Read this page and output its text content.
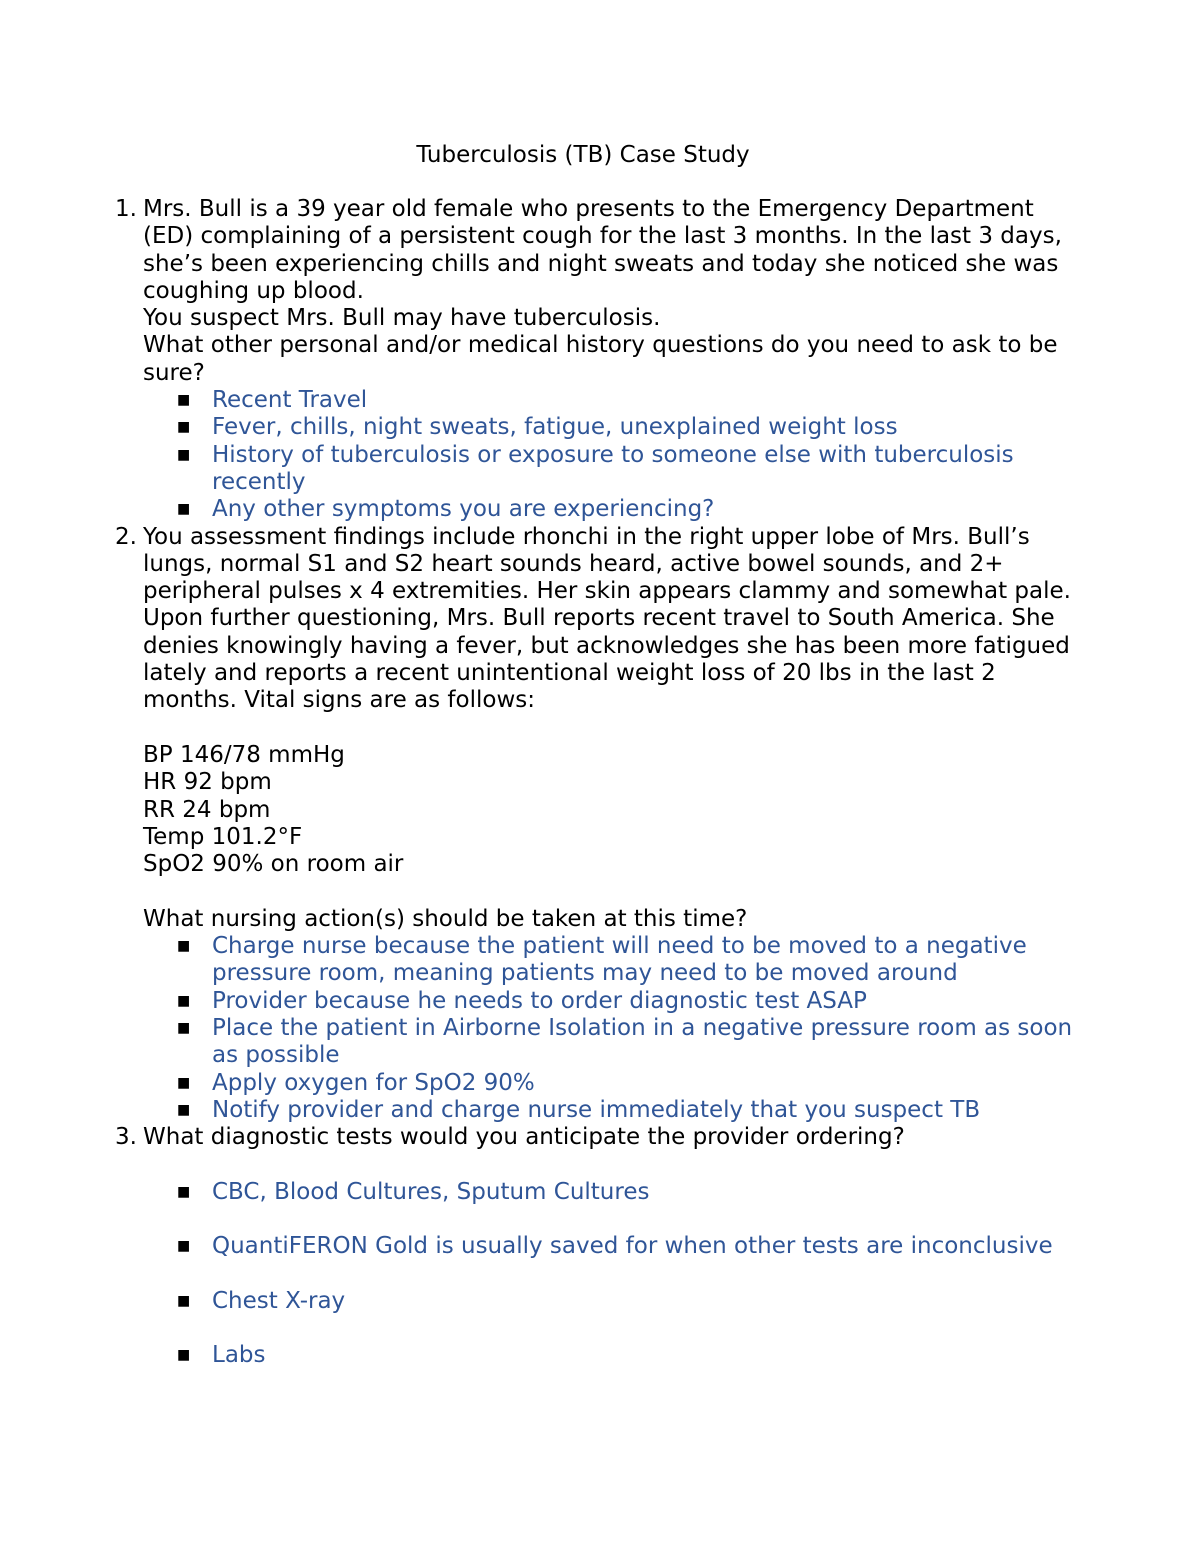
Tuberculosis (TB) Case Study
1. Mrs. Bull is a 39 year old female who presents to the Emergency Department (ED) complaining of a persistent cough for the last 3 months. In the last 3 days, she’s been experiencing chills and night sweats and today she noticed she was coughing up blood.
You suspect Mrs. Bull may have tuberculosis.
What other personal and/or medical history questions do you need to ask to be sure?
■ Recent Travel
■ Fever, chills, night sweats, fatigue, unexplained weight loss
■ History of tuberculosis or exposure to someone else with tuberculosis recently
■ Any other symptoms you are experiencing?
2. You assessment findings include rhonchi in the right upper lobe of Mrs. Bull’s lungs, normal S1 and S2 heart sounds heard, active bowel sounds, and 2+ peripheral pulses x 4 extremities. Her skin appears clammy and somewhat pale. Upon further questioning, Mrs. Bull reports recent travel to South America. She denies knowingly having a fever, but acknowledges she has been more fatigued lately and reports a recent unintentional weight loss of 20 lbs in the last 2 months. Vital signs are as follows:
BP 146/78 mmHg
HR 92 bpm
RR 24 bpm
Temp 101.2°F
SpO2 90% on room air
What nursing action(s) should be taken at this time?
■ Charge nurse because the patient will need to be moved to a negative pressure room, meaning patients may need to be moved around
■ Provider because he needs to order diagnostic test ASAP
■ Place the patient in Airborne Isolation in a negative pressure room as soon as possible
■ Apply oxygen for SpO2 90%
■ Notify provider and charge nurse immediately that you suspect TB
3. What diagnostic tests would you anticipate the provider ordering?
■ CBC, Blood Cultures, Sputum Cultures
■ QuantiFERON Gold is usually saved for when other tests are inconclusive
■ Chest X-ray
■ Labs
